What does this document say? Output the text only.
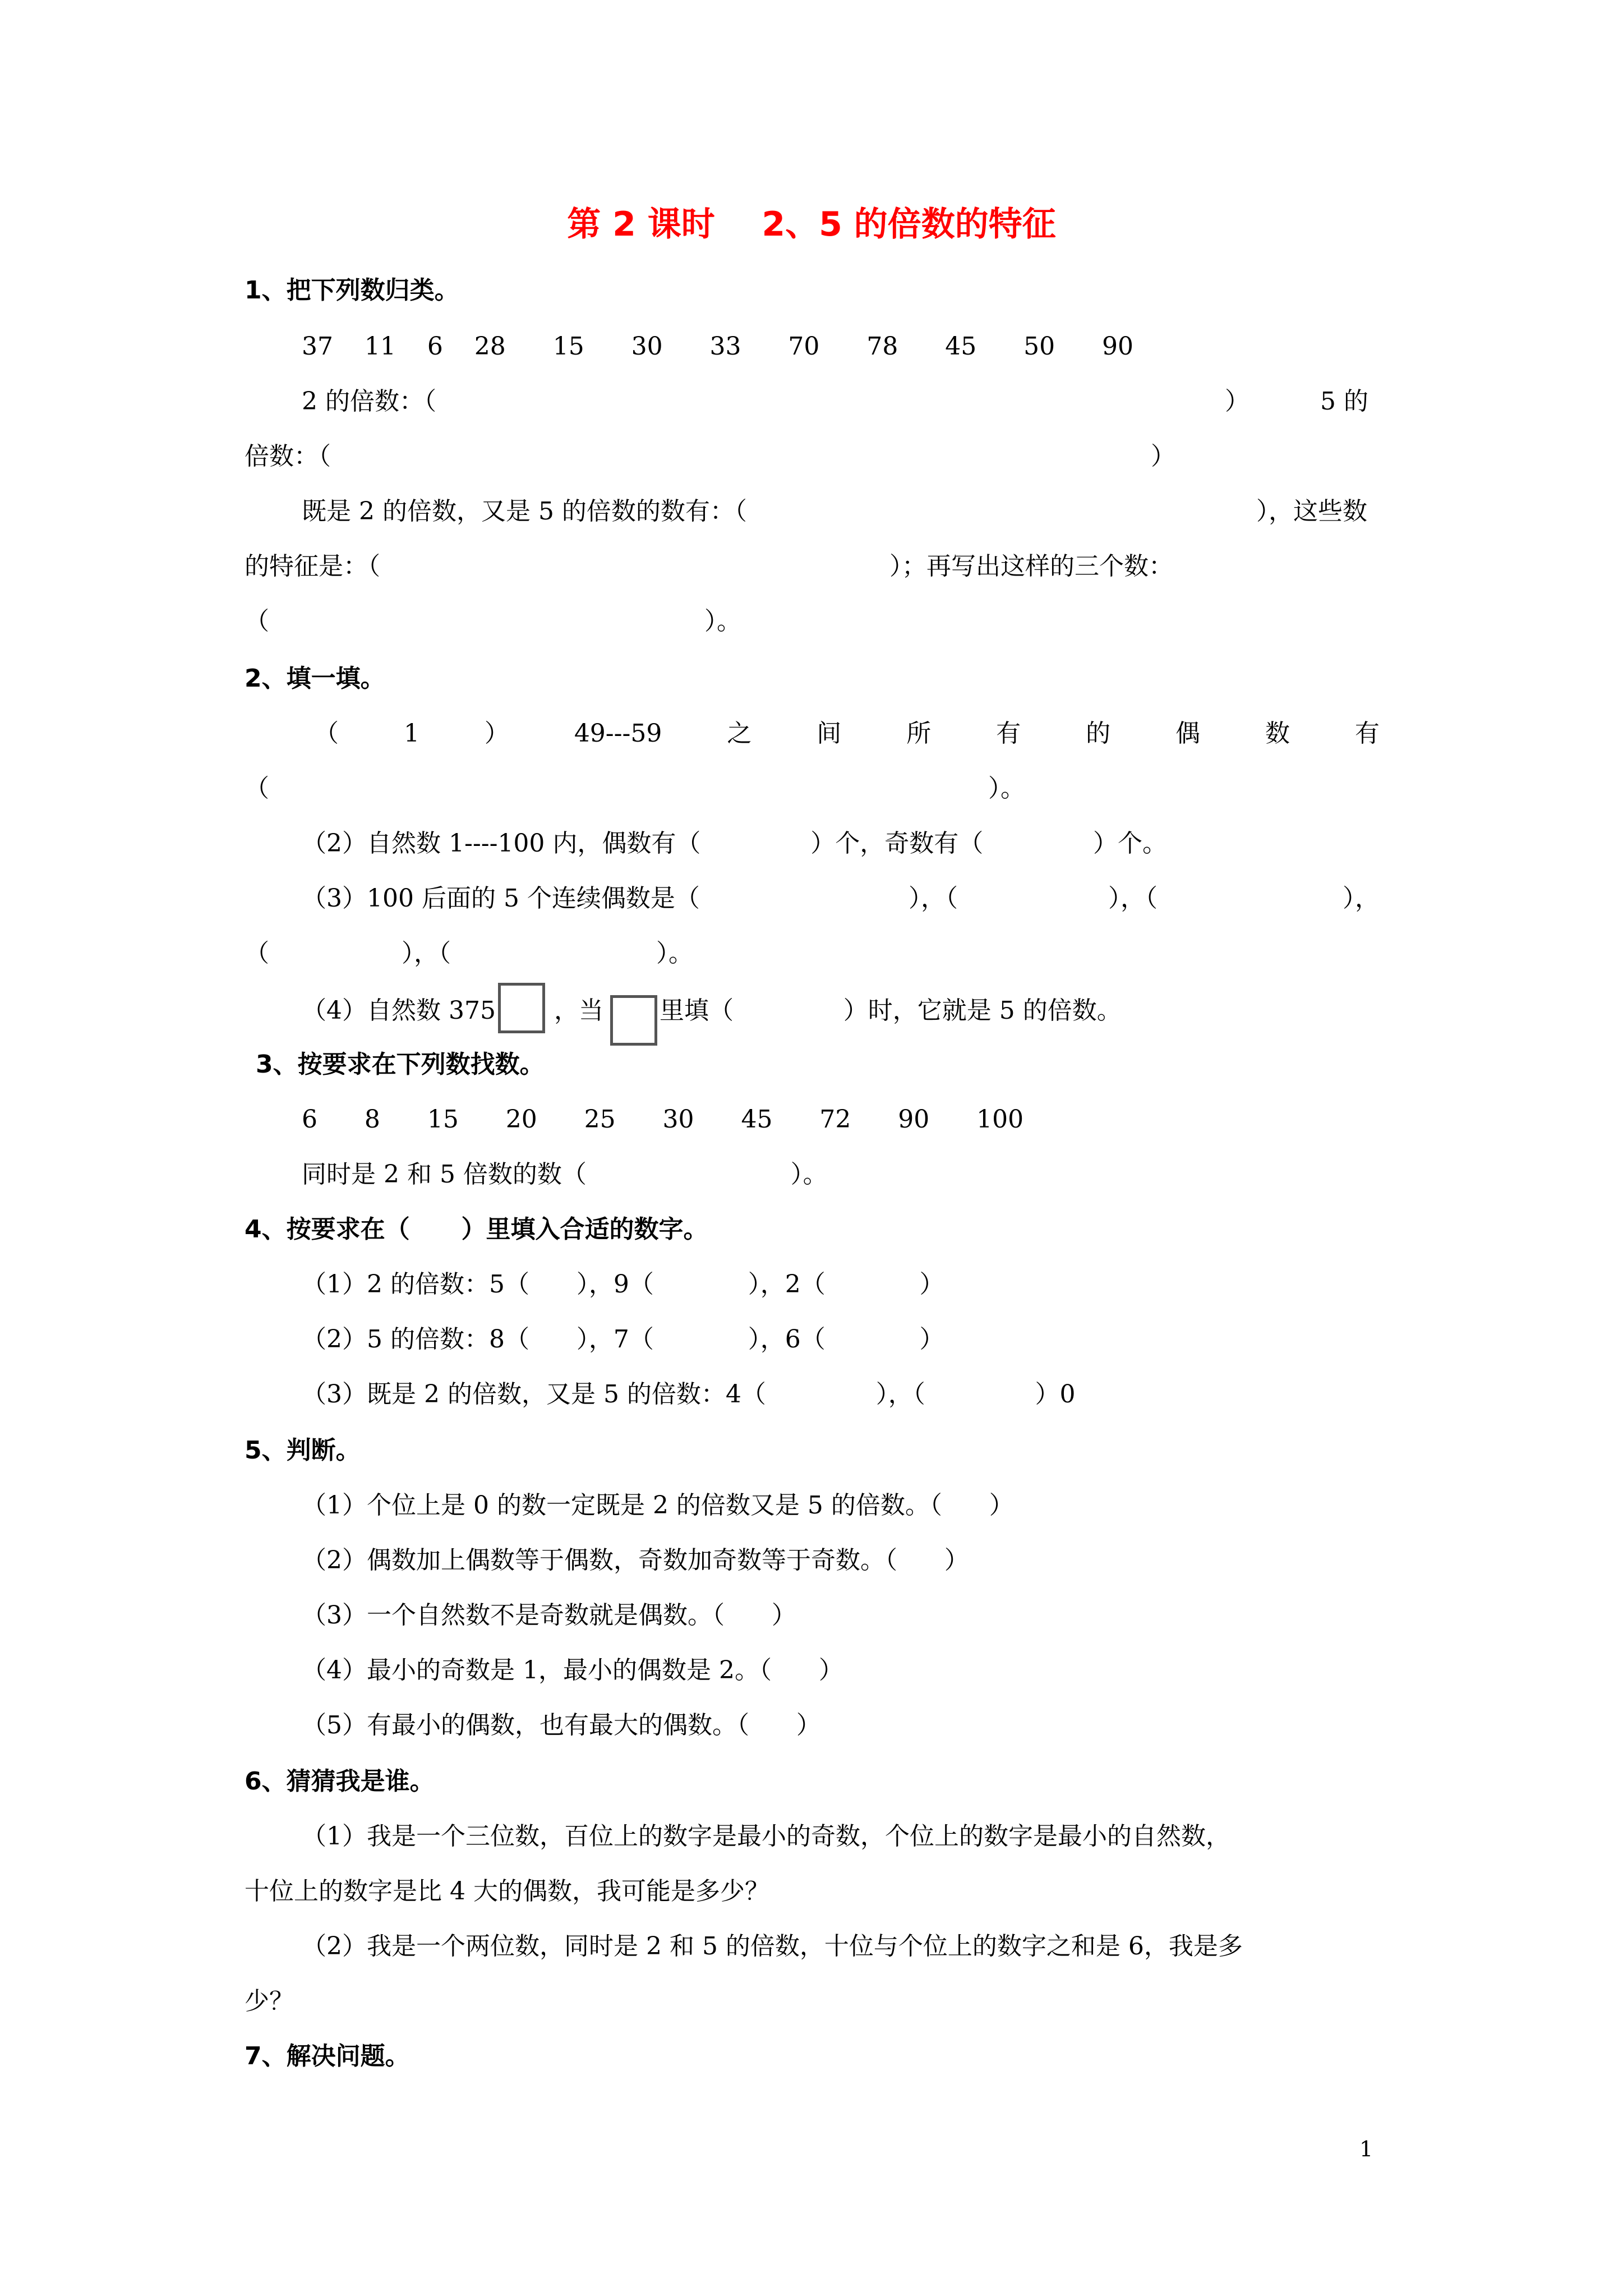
第 2 课时    2、5 的倍数的特征
1、把下列数归类。
37    11    6    28      15      30      33      70      78      45      50      90
2 的倍数：（	）	5 的
倍数：（	）
既是 2 的倍数，又是 5 的倍数的数有：（	），这些数
的特征是：（	）；再写出这样的三个数：
（	）。
2、填一填。
（	1	）	49---59	之	间	所	有	的	偶	数	有
（	）。
（2）自然数 1----100 内，偶数有（              ）个，奇数有（              ）个。
（3）100 后面的 5 个连续偶数是（	），（	），（	），
（	），（	）。
（4）自然数 375 ，当 里填（              ）时，它就是 5 的倍数。
3、按要求在下列数找数。
6      8      15      20      25      30      45      72      90      100
同时是 2 和 5 倍数的数（                          ）。
4、按要求在（      ）里填入合适的数字。
（1）2 的倍数：5（      ），9（            ），2（            ）
（2）5 的倍数：8（      ），7（            ），6（            ）
（3）既是 2 的倍数，又是 5 的倍数：4（              ），（              ）0
5、判断。
（1）个位上是 0 的数一定既是 2 的倍数又是 5 的倍数。（      ）
（2）偶数加上偶数等于偶数，奇数加奇数等于奇数。（      ）
（3）一个自然数不是奇数就是偶数。（      ）
（4）最小的奇数是 1，最小的偶数是 2。（      ）
（5）有最小的偶数，也有最大的偶数。（      ）
6、猜猜我是谁。
（1）我是一个三位数，百位上的数字是最小的奇数，个位上的数字是最小的自然数，
十位上的数字是比 4 大的偶数，我可能是多少？
（2）我是一个两位数，同时是 2 和 5 的倍数，十位与个位上的数字之和是 6，我是多
少？
7、解决问题。
1
